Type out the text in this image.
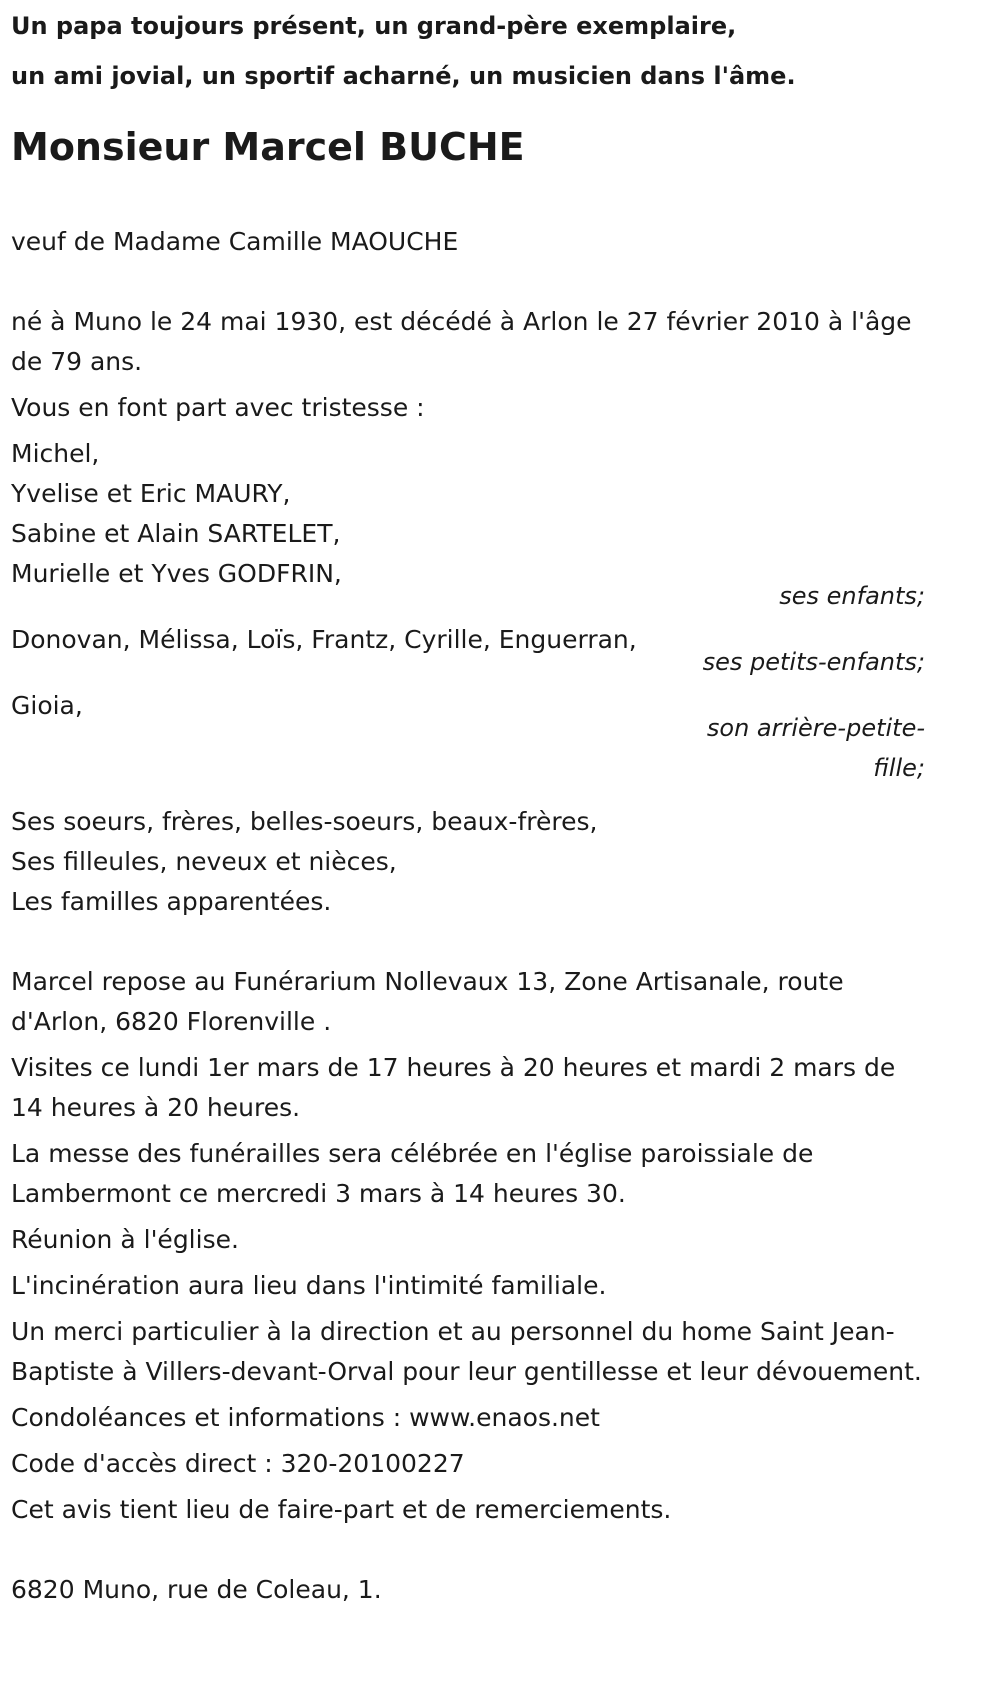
Un papa toujours présent, un grand-père exemplaire,

un ami jovial, un sportif acharné, un musicien dans l'âme.

Monsieur Marcel BUCHE

veuf de Madame Camille MAOUCHE

né à Muno le 24 mai 1930, est décédé à Arlon le 27 février 2010 à l'âge de 79 ans.

Vous en font part avec tristesse :

Michel,

Yvelise et Eric MAURY,

Sabine et Alain SARTELET,

Murielle et Yves GODFRIN,

ses enfants;

Donovan, Mélissa, Loïs, Frantz, Cyrille, Enguerran,

ses petits-enfants;

Gioia,

son arrière-petite-fille;

Ses soeurs, frères, belles-soeurs, beaux-frères,

Ses filleules, neveux et nièces,

Les familles apparentées.

Marcel repose au Funérarium Nollevaux 13, Zone Artisanale, route d'Arlon, 6820 Florenville .

Visites ce lundi 1er mars de 17 heures à 20 heures et mardi 2 mars de 14 heures à 20 heures.

La messe des funérailles sera célébrée en l'église paroissiale de Lambermont ce mercredi 3 mars à 14 heures 30.

Réunion à l'église.

L'incinération aura lieu dans l'intimité familiale.

Un merci particulier à la direction et au personnel du home Saint Jean-Baptiste à Villers-devant-Orval pour leur gentillesse et leur dévouement.

Condoléances et informations : www.enaos.net

Code d'accès direct : 320-20100227

Cet avis tient lieu de faire-part et de remerciements.

6820 Muno, rue de Coleau, 1.
